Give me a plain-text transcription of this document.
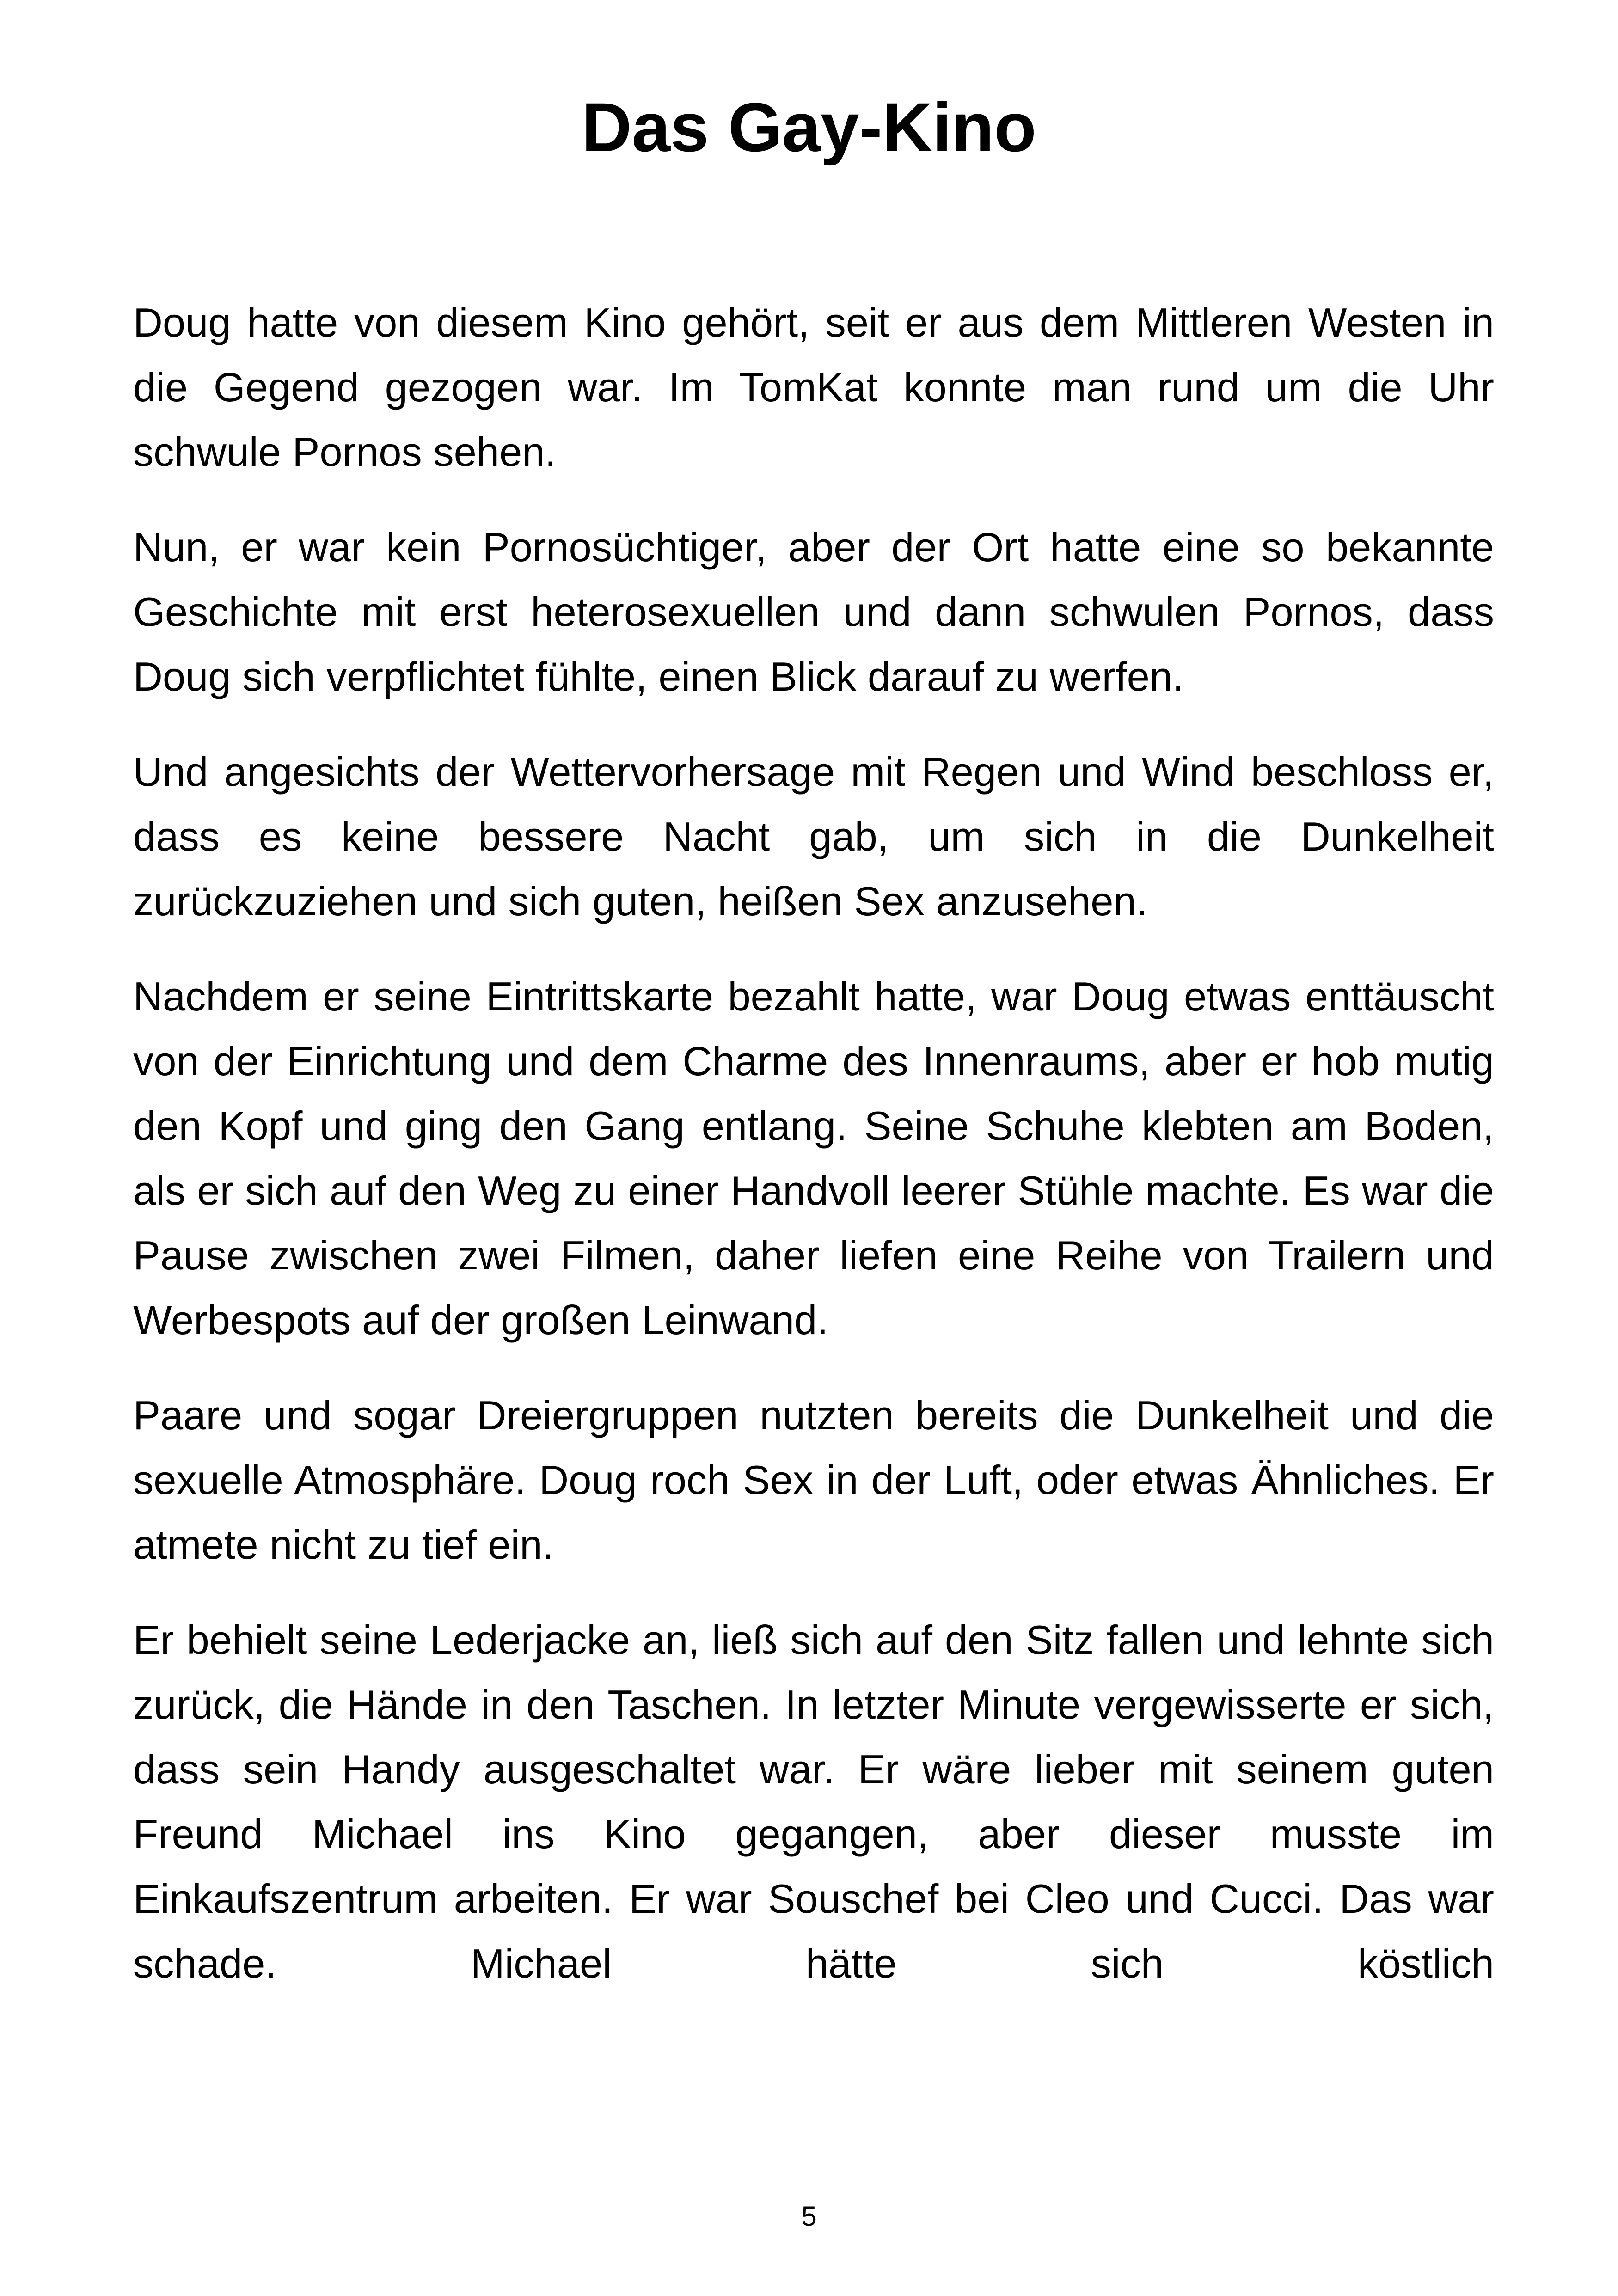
Das Gay-Kino

Doug hatte von diesem Kino gehört, seit er aus dem Mittleren Westen in die Gegend gezogen war. Im TomKat konnte man rund um die Uhr schwule Pornos sehen.

Nun, er war kein Pornosüchtiger, aber der Ort hatte eine so bekannte Geschichte mit erst heterosexuellen und dann schwulen Pornos, dass Doug sich verpflichtet fühlte, einen Blick darauf zu werfen.

Und angesichts der Wettervorhersage mit Regen und Wind beschloss er, dass es keine bessere Nacht gab, um sich in die Dunkelheit zurückzuziehen und sich guten, heißen Sex anzusehen.

Nachdem er seine Eintrittskarte bezahlt hatte, war Doug etwas enttäuscht von der Einrichtung und dem Charme des Innenraums, aber er hob mutig den Kopf und ging den Gang entlang. Seine Schuhe klebten am Boden, als er sich auf den Weg zu einer Handvoll leerer Stühle machte. Es war die Pause zwischen zwei Filmen, daher liefen eine Reihe von Trailern und Werbespots auf der großen Leinwand.

Paare und sogar Dreiergruppen nutzten bereits die Dunkelheit und die sexuelle Atmosphäre. Doug roch Sex in der Luft, oder etwas Ähnliches. Er atmete nicht zu tief ein.

Er behielt seine Lederjacke an, ließ sich auf den Sitz fallen und lehnte sich zurück, die Hände in den Taschen. In letzter Minute vergewisserte er sich, dass sein Handy ausgeschaltet war. Er wäre lieber mit seinem guten Freund Michael ins Kino gegangen, aber dieser musste im Einkaufszentrum arbeiten. Er war Souschef bei Cleo und Cucci. Das war schade. Michael hätte sich köstlich

5
